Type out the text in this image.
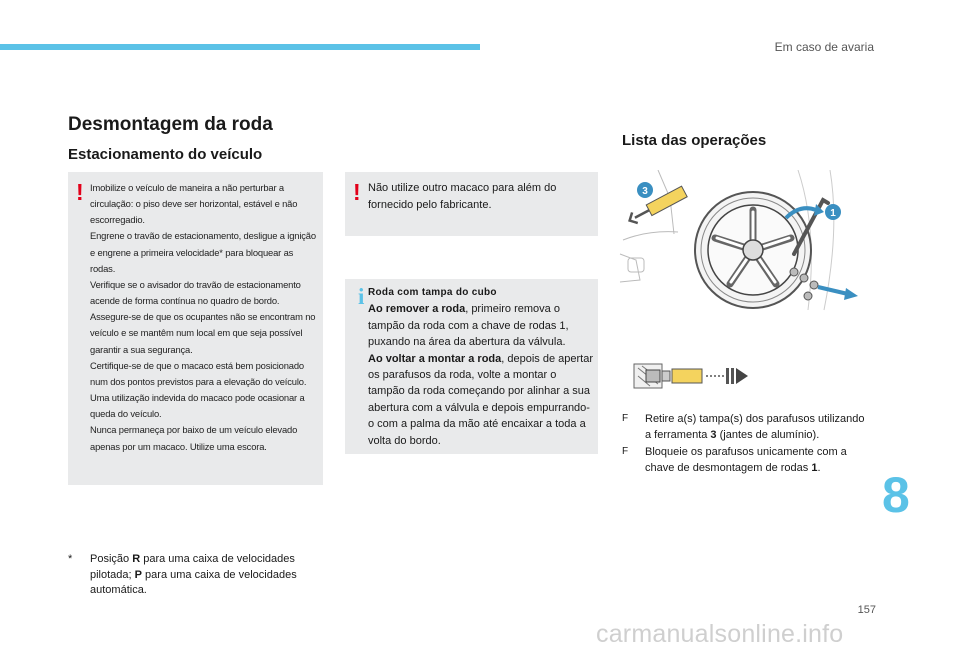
Em caso de avaria
Desmontagem da roda
Estacionamento do veículo
Lista das operações
! Imobilize o veículo de maneira a não perturbar a circulação: o piso deve ser horizontal, estável e não escorregadio.

Engrene o travão de estacionamento, desligue a ignição e engrene a primeira velocidade* para bloquear as rodas.

Verifique se o avisador do travão de estacionamento acende de forma contínua no quadro de bordo.

Assegure-se de que os ocupantes não se encontram no veículo e se mantêm num local em que seja possível garantir a sua segurança.

Certifique-se de que o macaco está bem posicionado num dos pontos previstos para a elevação do veículo.

Uma utilização indevida do macaco pode ocasionar a queda do veículo.

Nunca permaneça por baixo de um veículo elevado apenas por um macaco. Utilize uma escora.

* Posição R para uma caixa de velocidades pilotada; P para uma caixa de velocidades automática.
! Não utilize outro macaco para além do fornecido pelo fabricante.
i Roda com tampa do cubo

Ao remover a roda, primeiro remova o tampão da roda com a chave de rodas 1, puxando na área da abertura da válvula.

Ao voltar a montar a roda, depois de apertar os parafusos da roda, volte a montar o tampão da roda começando por alinhar a sua abertura com a válvula e depois empurrando-o com a palma da mão até encaixar a toda a volta do bordo.

3
1
F Retire a(s) tampa(s) dos parafusos utilizando a ferramenta 3 (jantes de alumínio).
F Bloqueie os parafusos unicamente com a chave de desmontagem de rodas 1.	8
157
carmanualsonline.info
